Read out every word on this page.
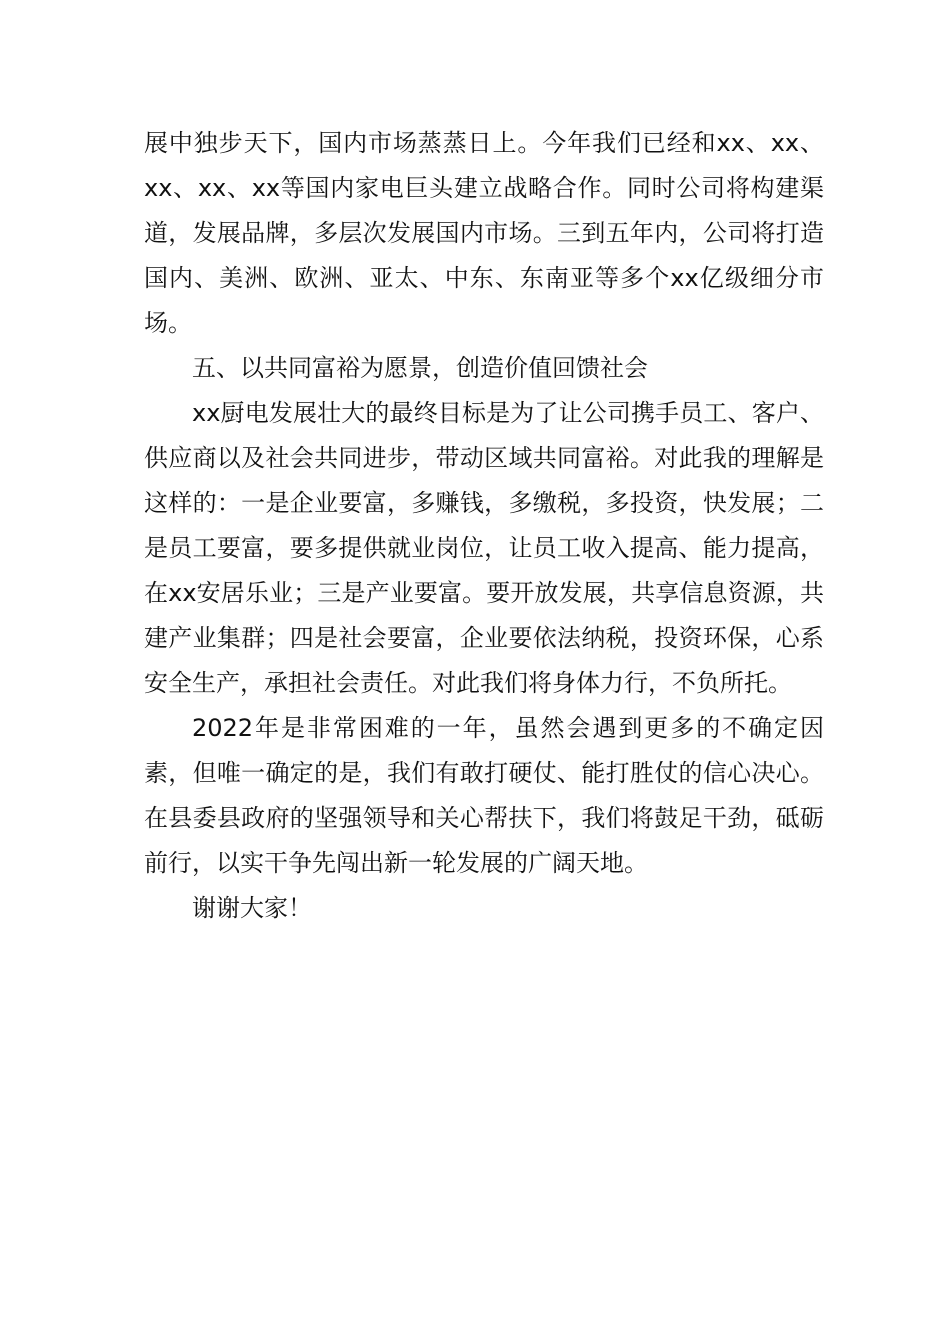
展中独步天下，国内市场蒸蒸日上。今年我们已经和xx、xx、xx、xx、xx等国内家电巨头建立战略合作。同时公司将构建渠道，发展品牌，多层次发展国内市场。三到五年内，公司将打造国内、美洲、欧洲、亚太、中东、东南亚等多个xx亿级细分市场。

五、以共同富裕为愿景，创造价值回馈社会

xx厨电发展壮大的最终目标是为了让公司携手员工、客户、供应商以及社会共同进步，带动区域共同富裕。对此我的理解是这样的：一是企业要富，多赚钱，多缴税，多投资，快发展；二是员工要富，要多提供就业岗位，让员工收入提高、能力提高，在xx安居乐业；三是产业要富。要开放发展，共享信息资源，共建产业集群；四是社会要富，企业要依法纳税，投资环保，心系安全生产，承担社会责任。对此我们将身体力行，不负所托。

2022年是非常困难的一年，虽然会遇到更多的不确定因素，但唯一确定的是，我们有敢打硬仗、能打胜仗的信心决心。在县委县政府的坚强领导和关心帮扶下，我们将鼓足干劲，砥砺前行，以实干争先闯出新一轮发展的广阔天地。

谢谢大家！
